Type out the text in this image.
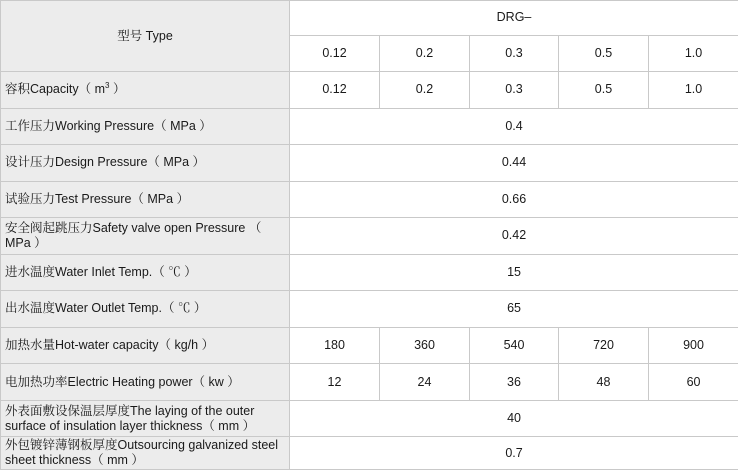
型号 Type	DRG–				
	0.12	0.2	0.3	0.5	1.0
容积Capacity（ $m^3$ ）	0.12	0.2	0.3	0.5	1.0
工作压力Working Pressure（ MPa ）	0.4				
设计压力Design Pressure（ MPa ）	0.44				
试验压力Test Pressure（ MPa ）	0.66				
安全阀起跳压力Safety valve open Pressure （ MPa ）	0.42				
进水温度Water Inlet Temp.（ ℃ ）	15				
出水温度Water Outlet Temp.（ ℃ ）	65				
加热水量Hot-water capacity（ kg/h ）	180	360	540	720	900
电加热功率Electric Heating power（ kw ）	12	24	36	48	60
外表面敷设保温层厚度The laying of the outer surface of insulation layer thickness（ mm ）	40				
外包镀锌薄钢板厚度Outsourcing galvanized steel sheet thickness（ mm ）	0.7				
